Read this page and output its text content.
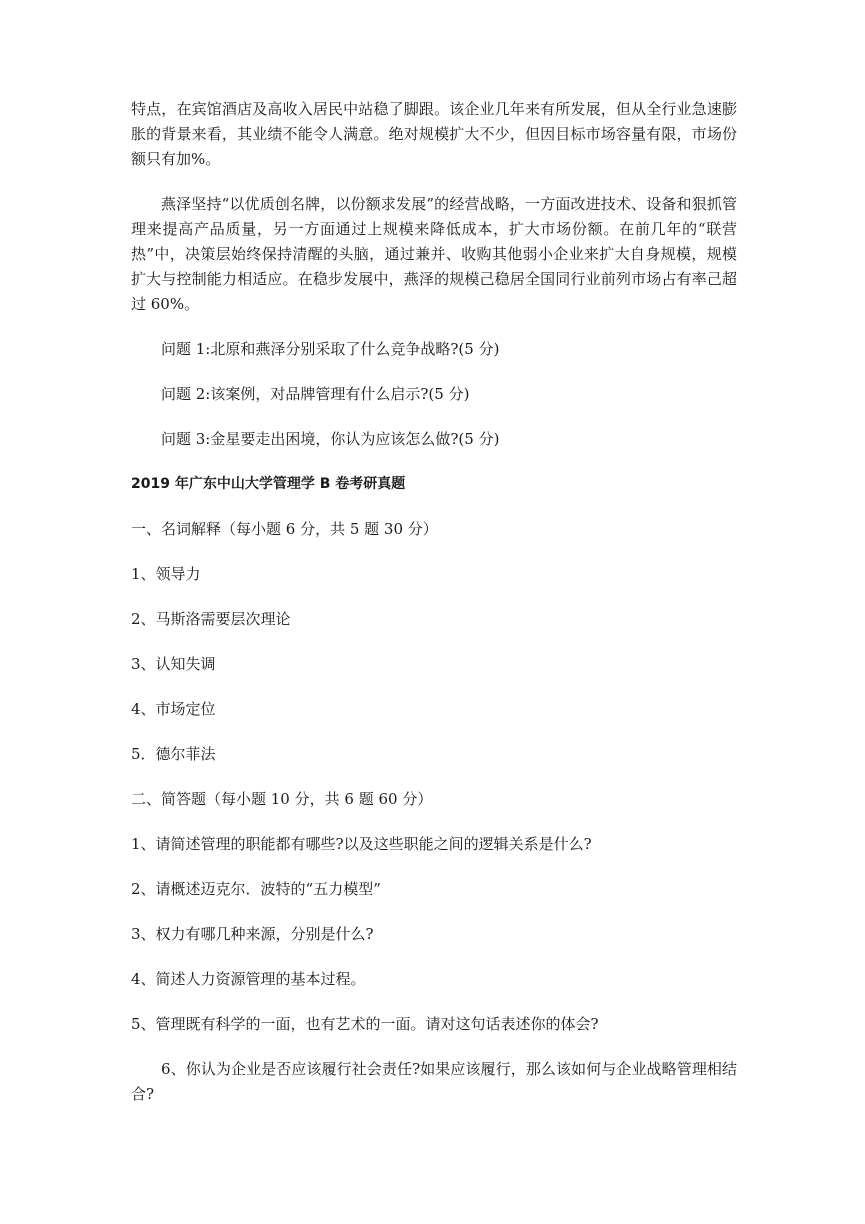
特点，在宾馆酒店及高收入居民中站稳了脚跟。该企业几年来有所发展，但从全行业急速膨胀的背景来看，其业绩不能令人满意。绝对规模扩大不少，但因目标市场容量有限，市场份额只有加%。

燕泽坚持“以优质创名牌，以份额求发展”的经营战略，一方面改进技术、设备和狠抓管理来提高产品质量，另一方面通过上规模来降低成本，扩大市场份额。在前几年的“联营热”中，决策层始终保持清醒的头脑，通过兼并、收购其他弱小企业来扩大自身规模，规模扩大与控制能力相适应。在稳步发展中，燕泽的规模己稳居全国同行业前列市场占有率己超过 60%。

问题 1:北原和燕泽分别采取了什么竞争战略?(5 分)

问题 2:该案例，对品牌管理有什么启示?(5 分)

问题 3:金星要走出困境，你认为应该怎么做?(5 分)

2019 年广东中山大学管理学 B 卷考研真题

一、名词解释（每小题 6 分，共 5 题 30 分）

1、领导力

2、马斯洛需要层次理论

3、认知失调

4、市场定位

5．德尔菲法

二、简答题（每小题 10 分，共 6 题 60 分）

1、请简述管理的职能都有哪些?以及这些职能之间的逻辑关系是什么?

2、请概述迈克尔．波特的“五力模型”

3、权力有哪几种来源，分别是什么?

4、简述人力资源管理的基本过程。

5、管理既有科学的一面，也有艺术的一面。请对这句话表述你的体会?

6、你认为企业是否应该履行社会责任?如果应该履行，那么该如何与企业战略管理相结合?
